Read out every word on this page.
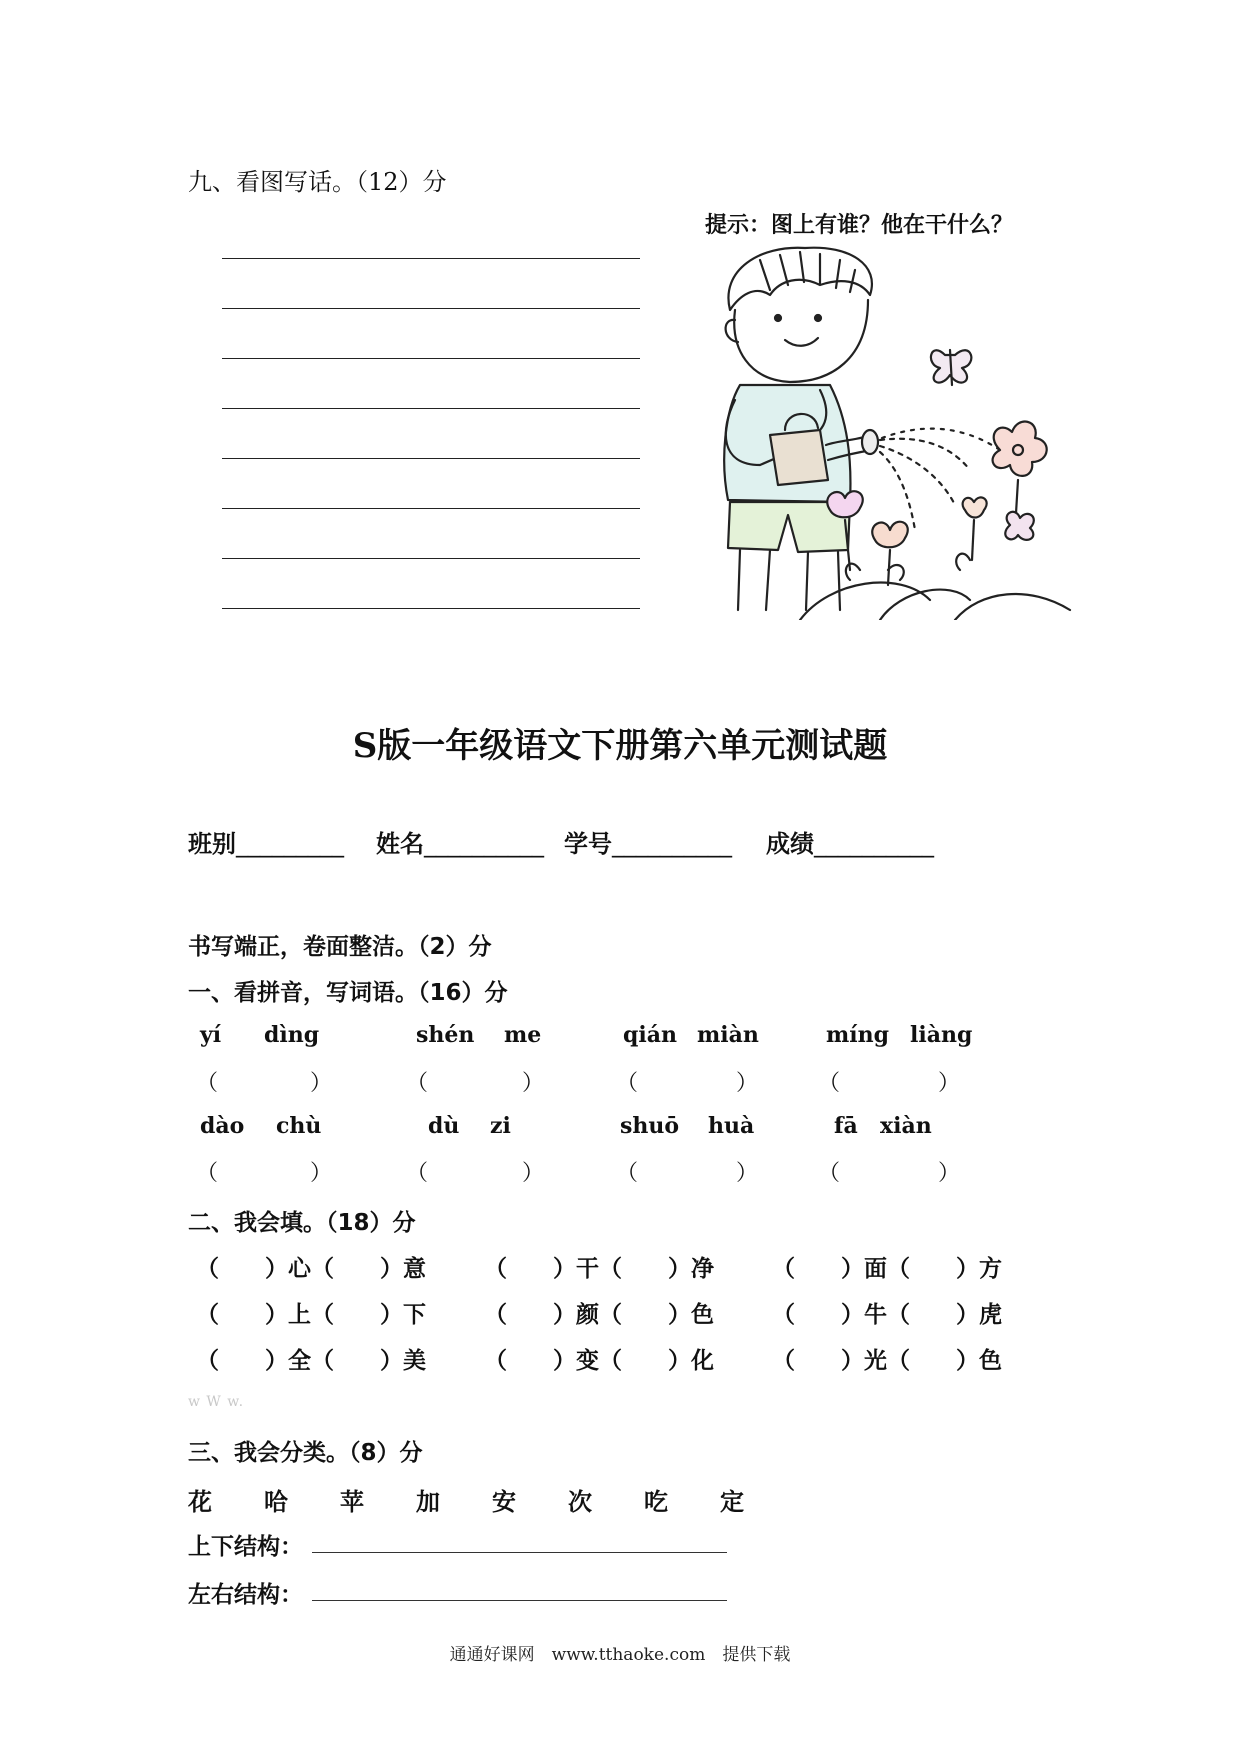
九、看图写话。（12）分
提示：图上有谁？他在干什么？
S版一年级语文下册第六单元测试题
班别_________ 姓名__________ 学号__________ 成绩__________
书写端正，卷面整洁。（2）分
一、看拼音，写词语。（16）分
yí dìng	shén me	qián miàn	míng liàng
（	）	（	）	（	）	（	）
dào chù	dù zi	shuō huà	fā xiàn
（	）	（	）	（	）	（	）
二、我会填。（18）分
（　　）心（　　）意	（　　）干（　　）净	（　　）面（　　）方
（　　）上（　　）下	（　　）颜（　　）色	（　　）牛（　　）虎
（　　）全（　　）美	（　　）变（　　）化	（　　）光（　　）色
w W w.
三、我会分类。（8）分
花 哈 苹 加 安 次 吃 定
上下结构：
左右结构：
通通好课网　www.tthaoke.com　提供下载
